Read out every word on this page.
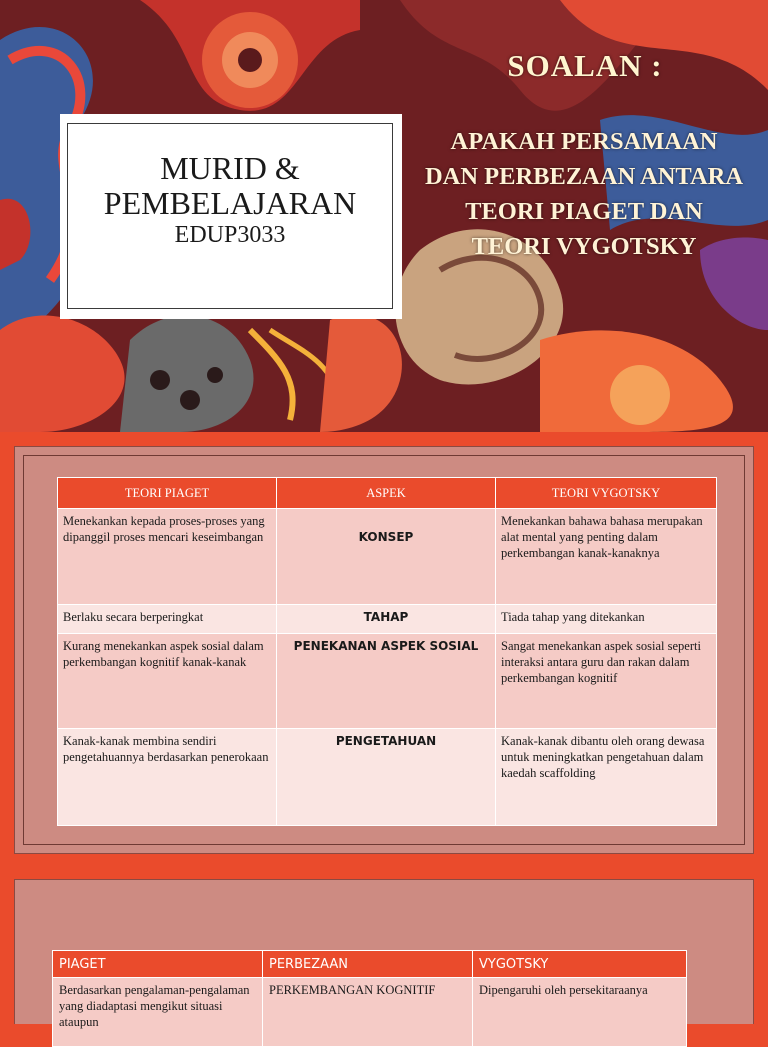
MURID & PEMBELAJARAN
EDUP3033
SOALAN :
APAKAH PERSAMAAN DAN PERBEZAAN ANTARA TEORI PIAGET DAN TEORI VYGOTSKY
TEORI PIAGET	ASPEK	TEORI VYGOTSKY
Menekankan kepada proses-proses yang dipanggil proses mencari keseimbangan	KONSEP	Menekankan bahawa bahasa merupakan alat mental yang penting dalam perkembangan kanak-kanaknya
Berlaku secara berperingkat	TAHAP	Tiada tahap yang ditekankan
Kurang menekankan aspek sosial dalam perkembangan kognitif kanak-kanak	PENEKANAN ASPEK SOSIAL	Sangat menekankan aspek sosial seperti interaksi antara guru dan rakan dalam perkembangan kognitif
Kanak-kanak membina sendiri pengetahuannya berdasarkan penerokaan	PENGETAHUAN	Kanak-kanak dibantu oleh orang dewasa untuk meningkatkan pengetahuan dalam kaedah scaffolding
PIAGET	PERBEZAAN	VYGOTSKY
Berdasarkan pengalaman-pengalaman yang diadaptasi mengikut situasi ataupun	PERKEMBANGAN KOGNITIF	Dipengaruhi oleh persekitaraanya
